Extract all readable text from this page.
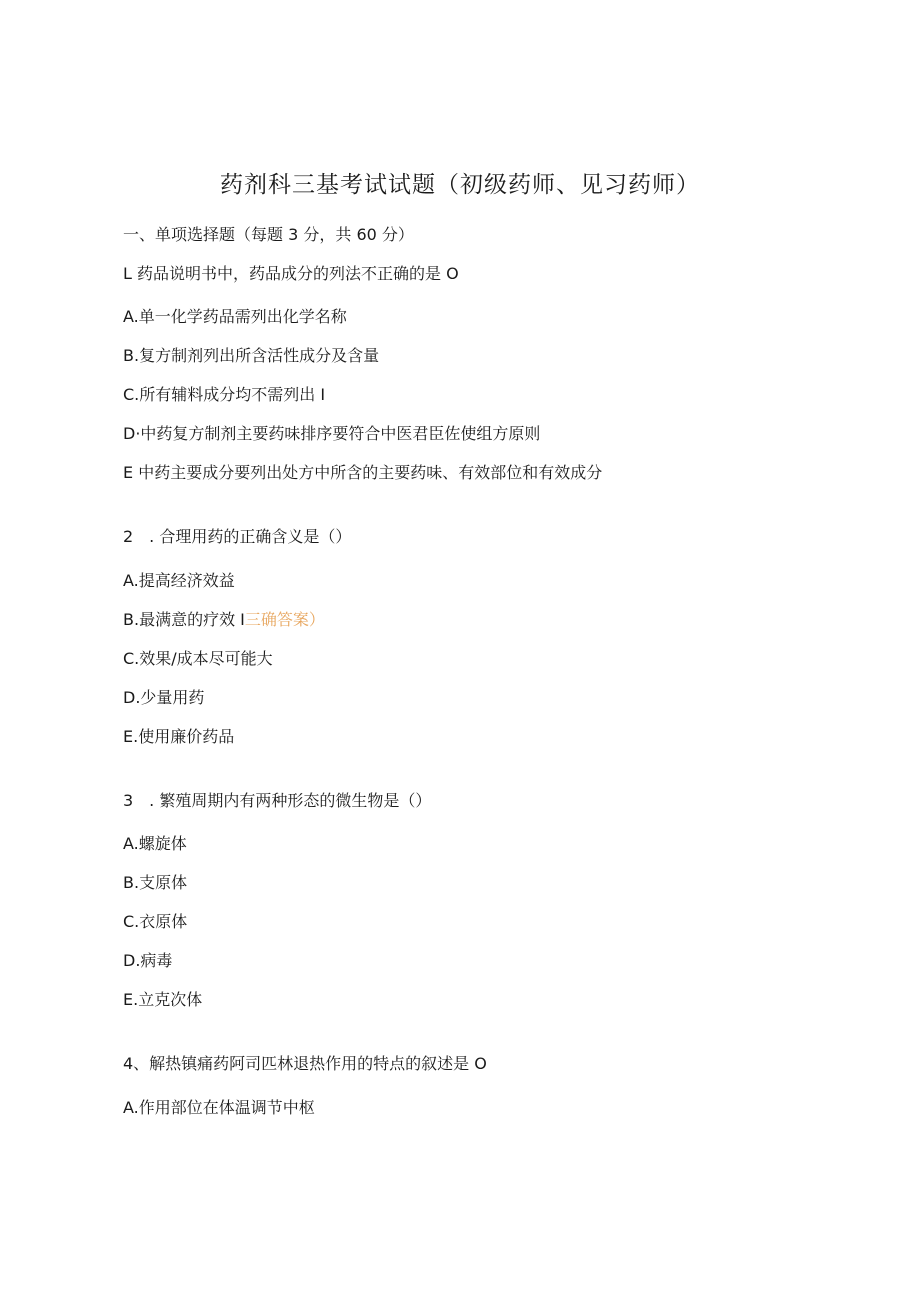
药剂科三基考试试题（初级药师、见习药师）
一、单项选择题（每题 3 分，共 60 分）
L 药品说明书中，药品成分的列法不正确的是 O
A.单一化学药品需列出化学名称
B.复方制剂列出所含活性成分及含量
C.所有辅料成分均不需列出 I
D·中药复方制剂主要药味排序要符合中医君臣佐使组方原则
E 中药主要成分要列出处方中所含的主要药味、有效部位和有效成分
2　. 合理用药的正确含义是（）
A.提高经济效益
B.最满意的疗效 I三确答案）
C.效果/成本尽可能大
D.少量用药
E.使用廉价药品
3　. 繁殖周期内有两种形态的微生物是（）
A.螺旋体
B.支原体
C.衣原体
D.病毒
E.立克次体
4、解热镇痛药阿司匹林退热作用的特点的叙述是 O
A.作用部位在体温调节中枢
